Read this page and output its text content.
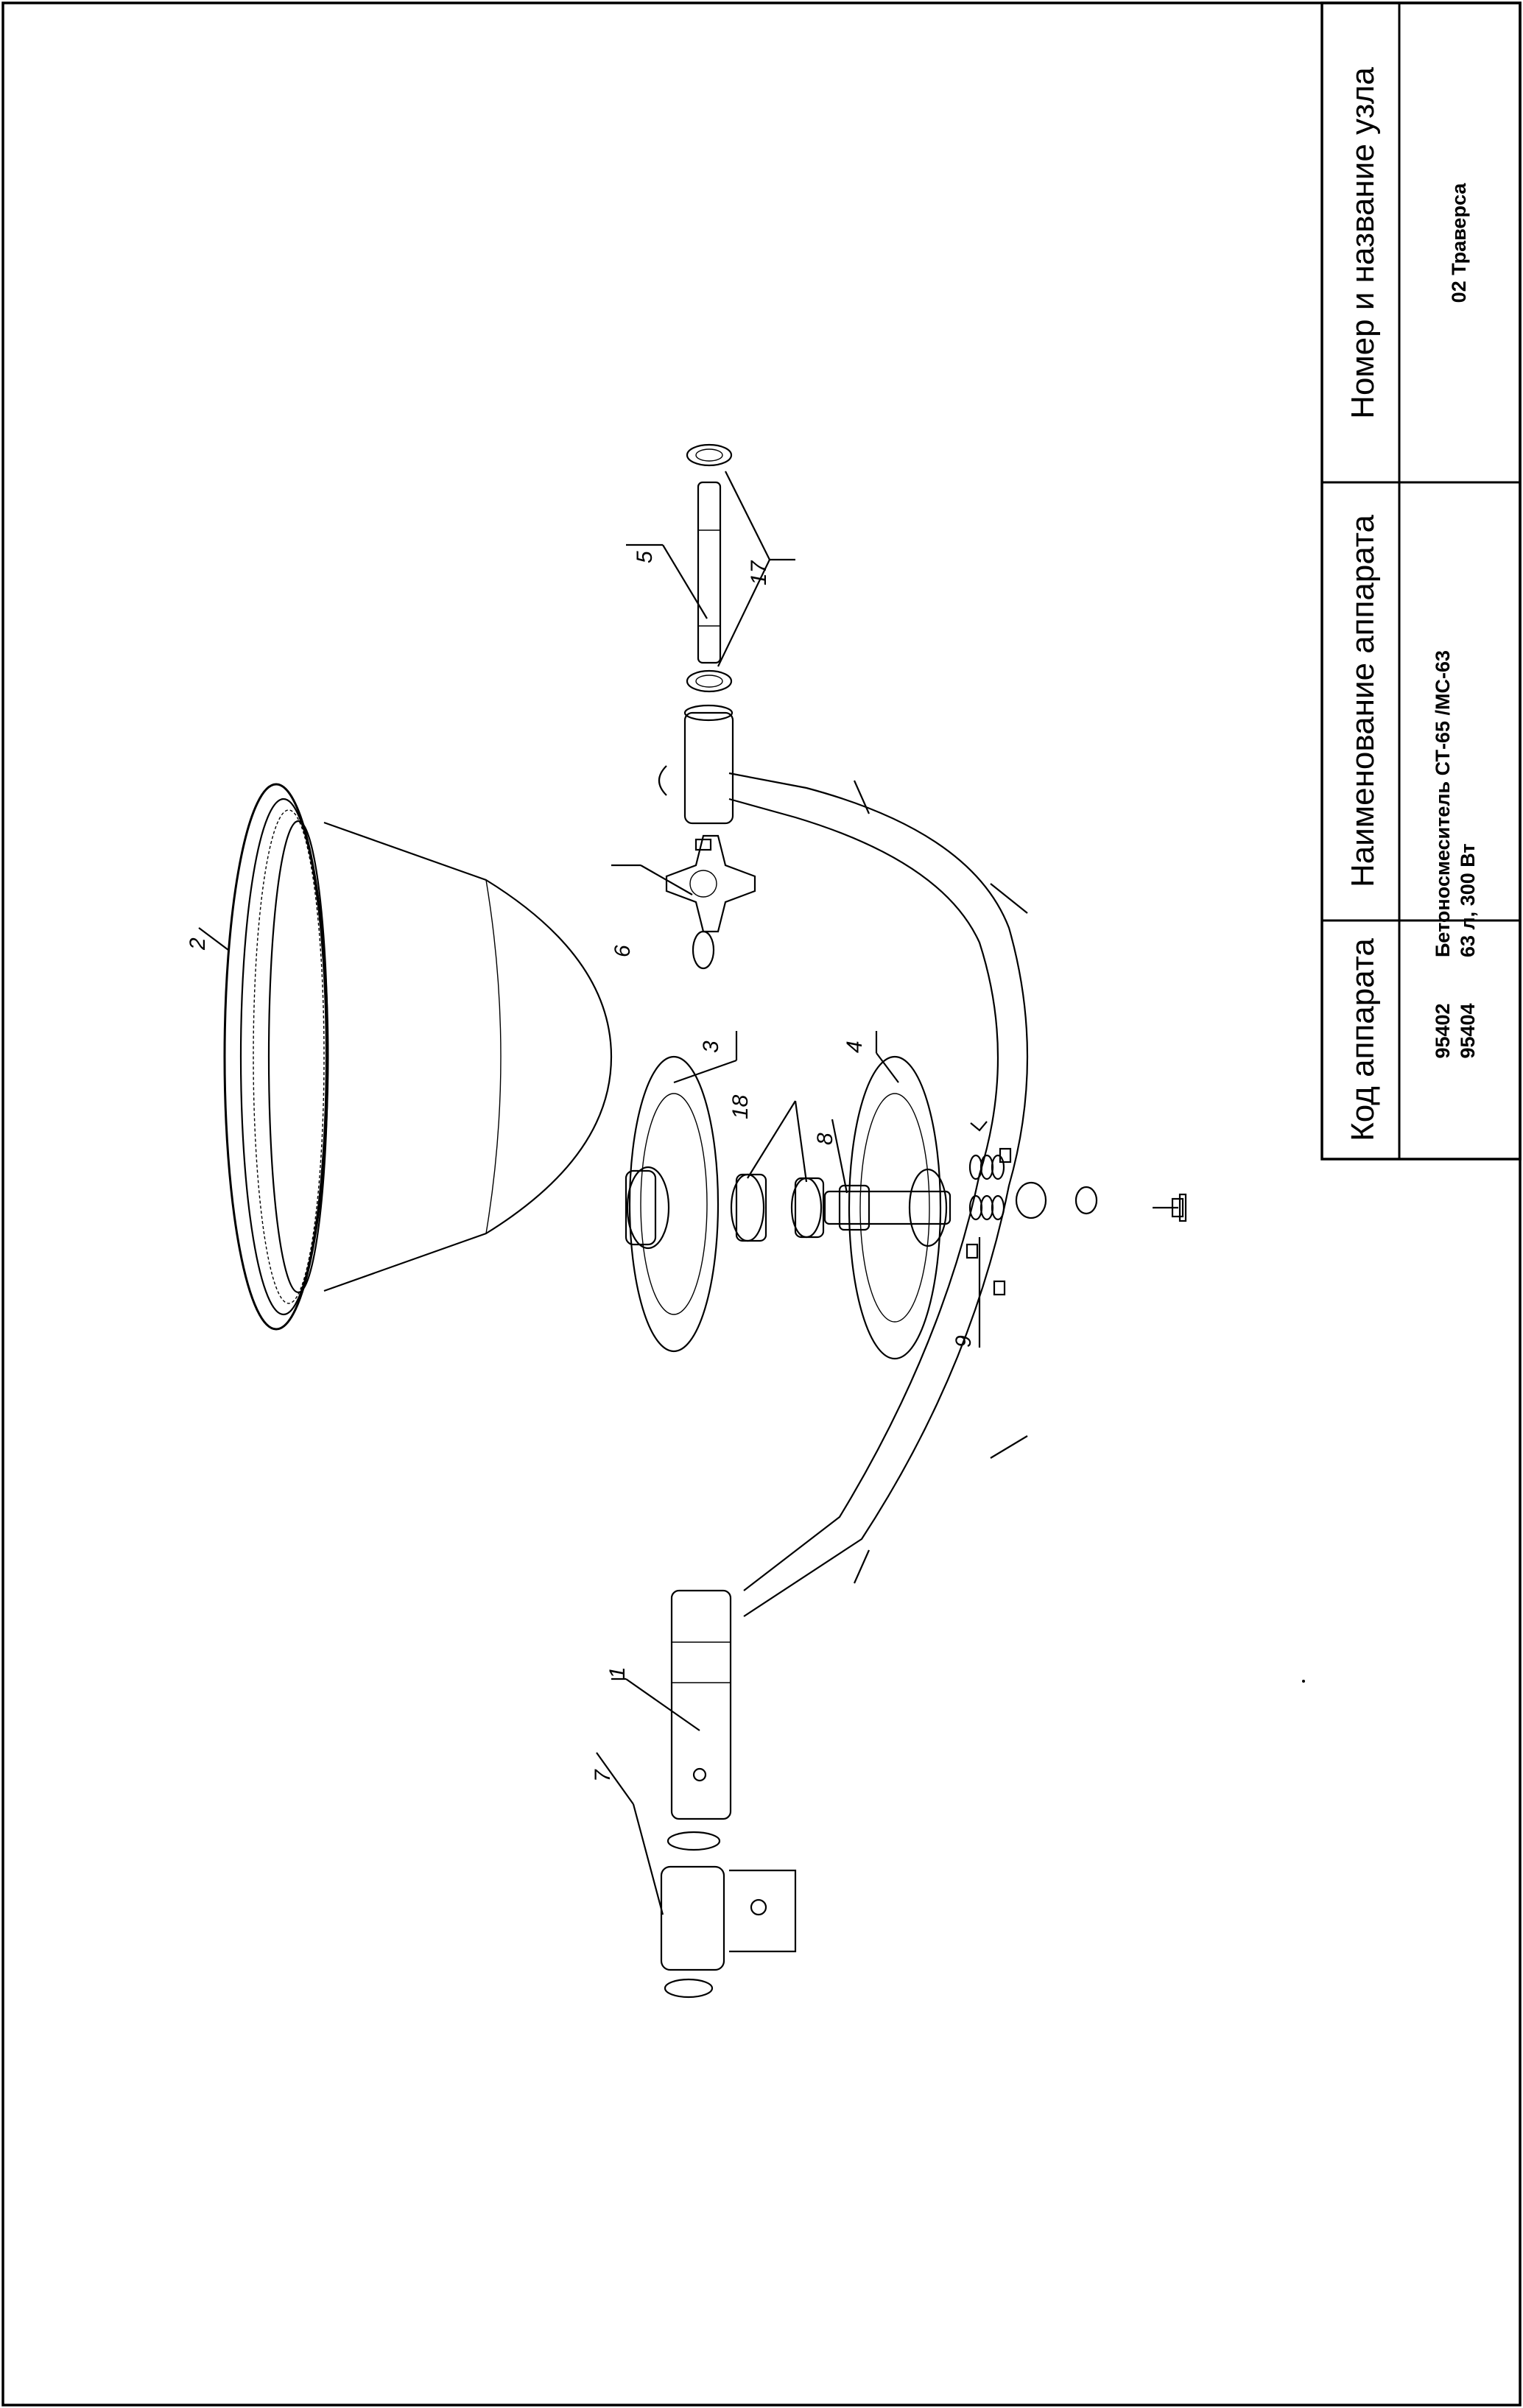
Номер и название узла
Наименование аппарата
Код аппарата
02 Траверса
Бетоносмеситель СТ-65 /МС-63 63 л, 300 Вт
95402 95404
5
17
6
2
3	4
18
8
9
1
7
